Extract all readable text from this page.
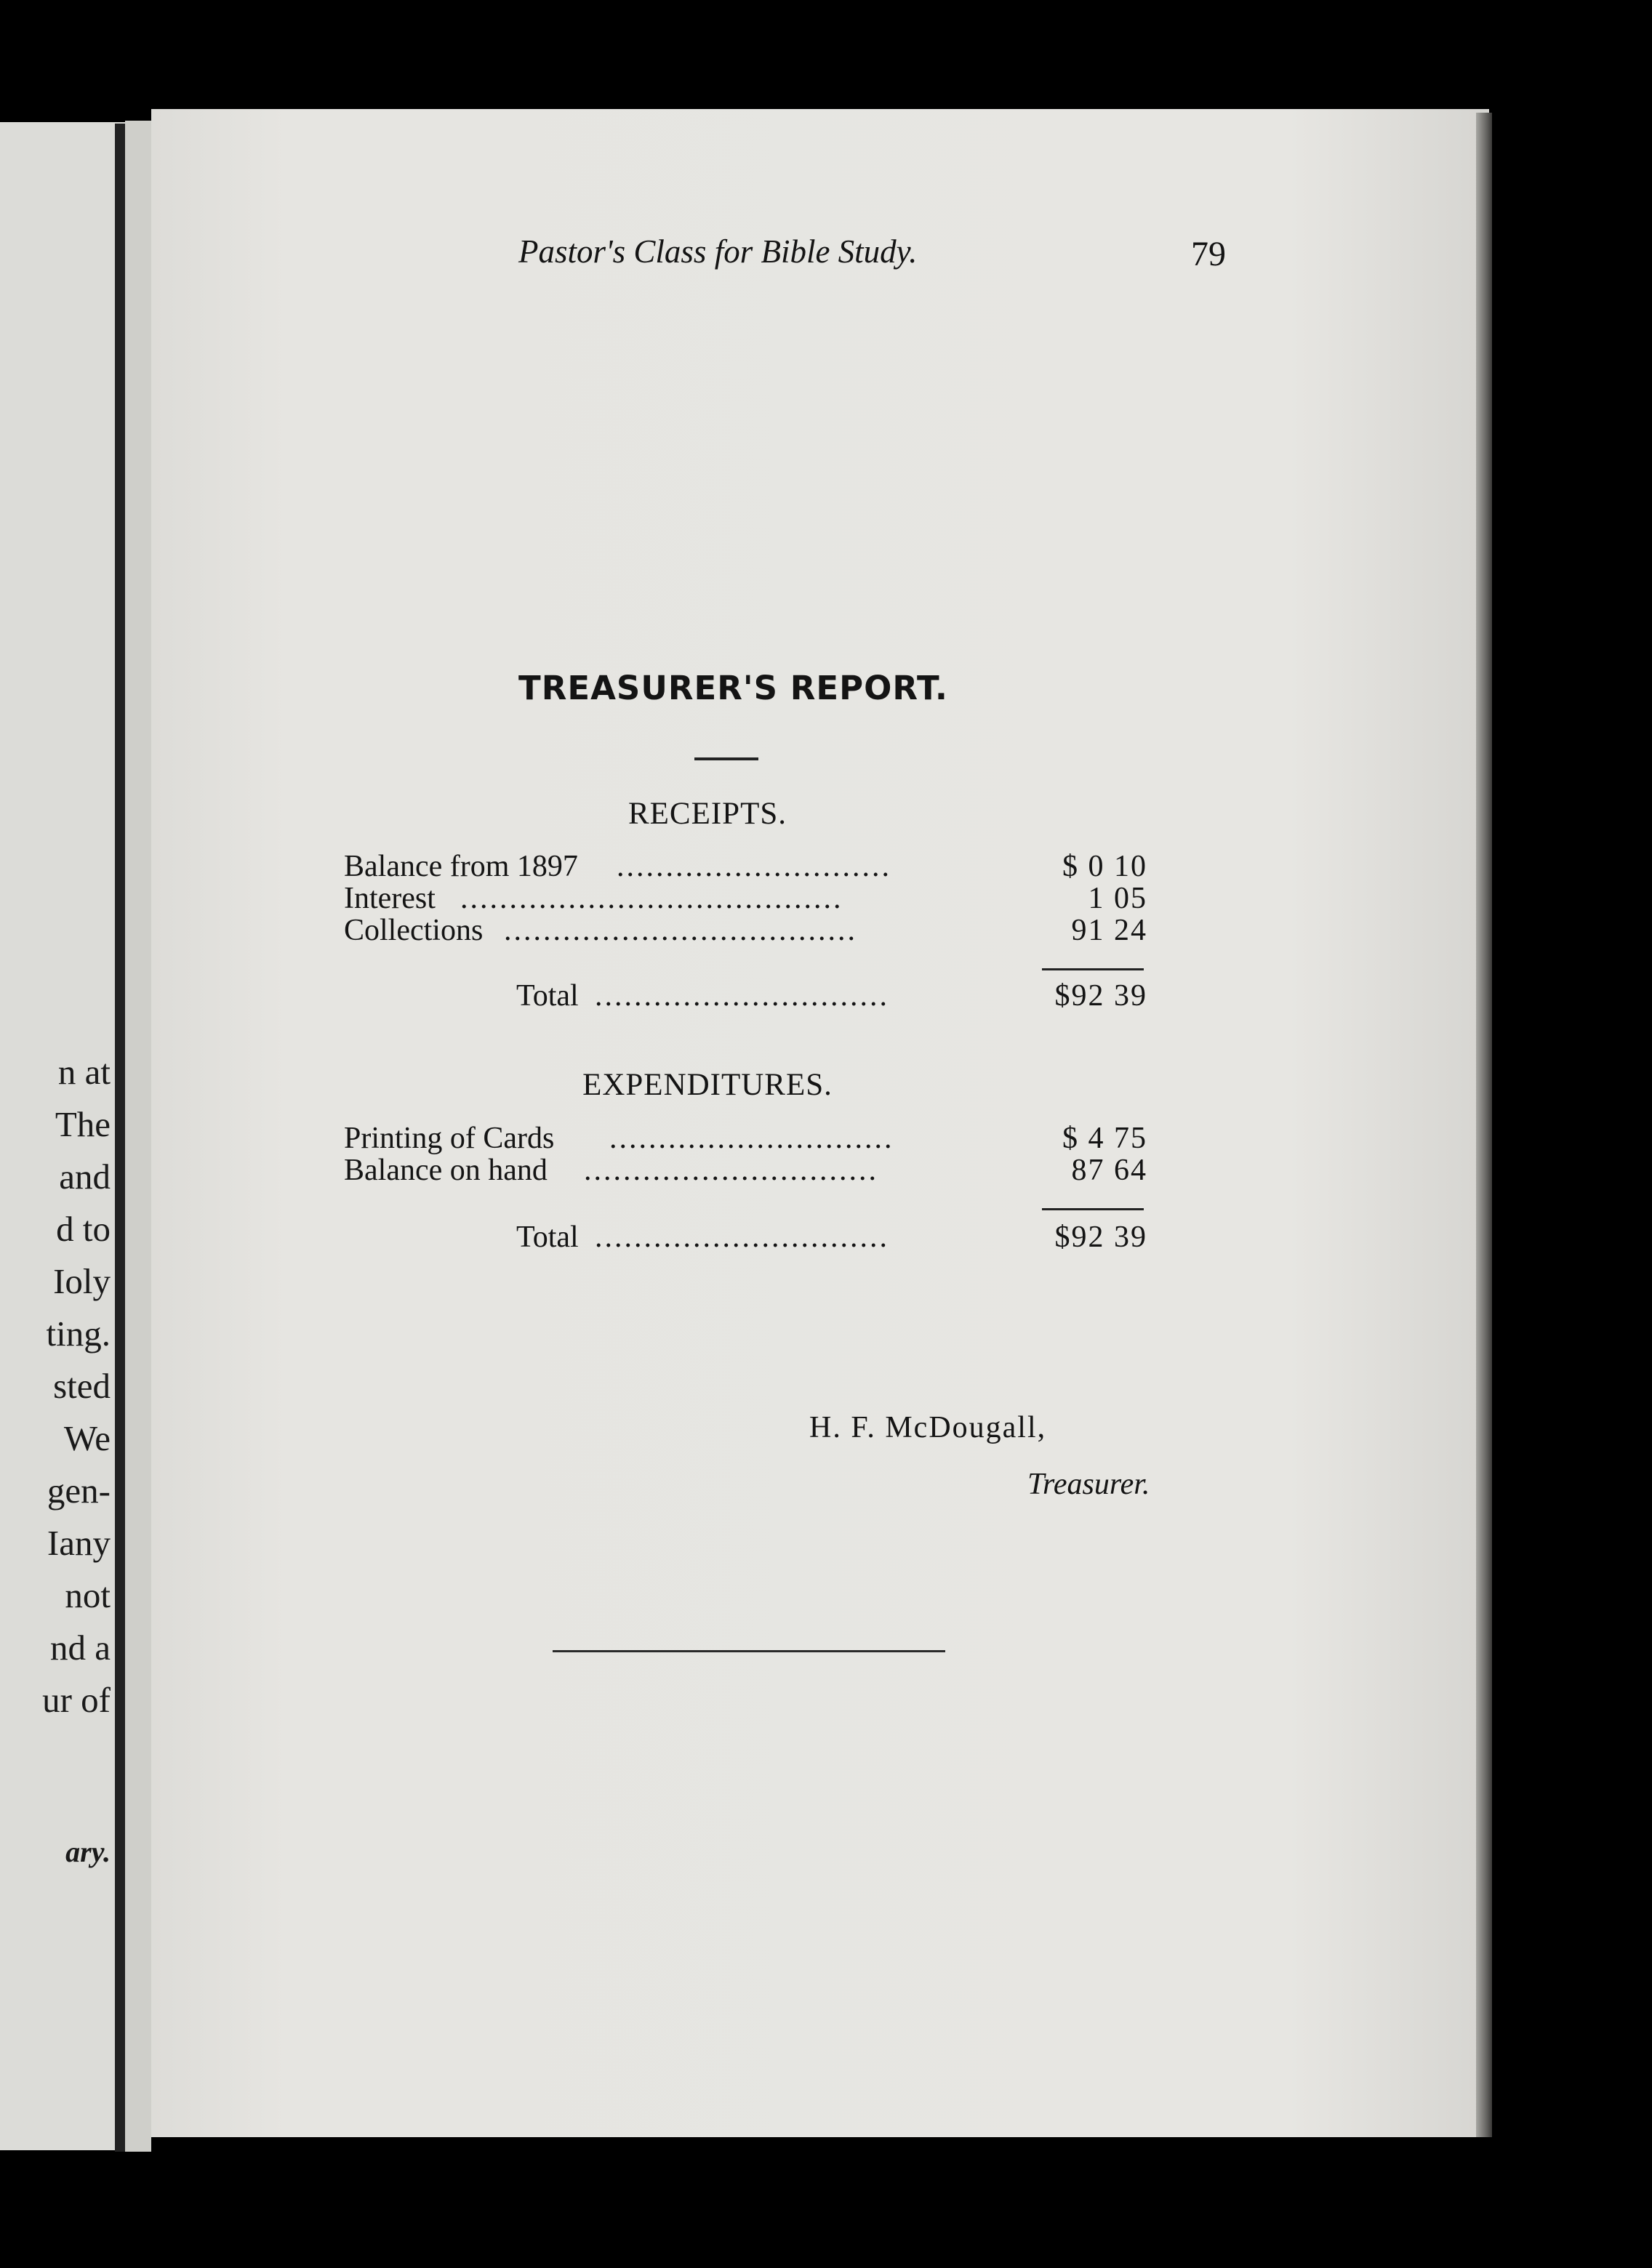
n at
The
and
d to
Ioly
ting.
sted
We
gen-
Iany
not
nd a
ur of
ary.
Pastor's Class for Bible Study.	79
TREASURER'S REPORT.
RECEIPTS.
Balance from 1897 ............................	$ 0 10
Interest .......................................	1 05
Collections ....................................	91 24
Total ..............................	$92 39
EXPENDITURES.
Printing of Cards .............................	$ 4 75
Balance on hand ..............................	87 64
Total ..............................	$92 39
H. F. McDougall,
Treasurer.
